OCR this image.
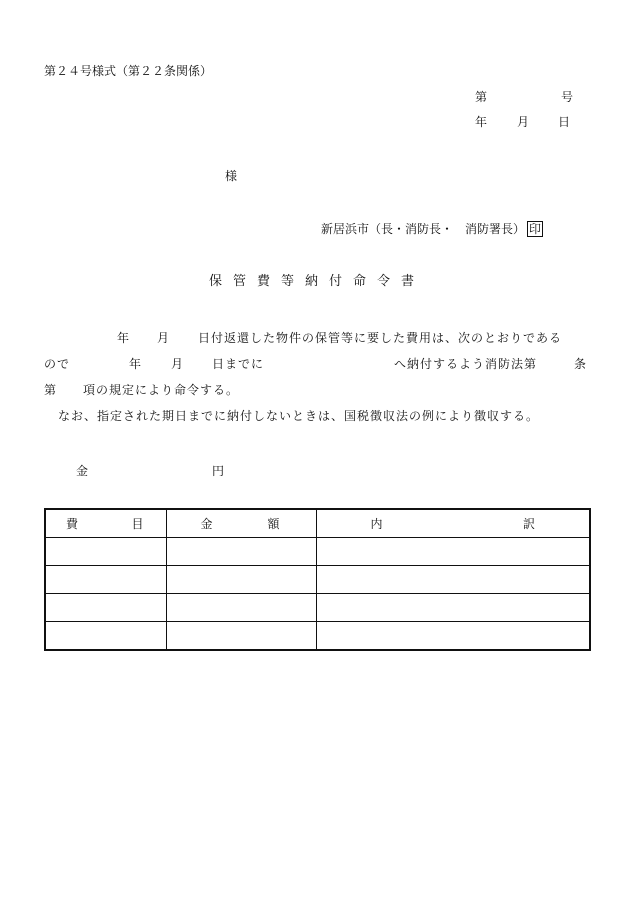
第２４号様式（第２２条関係）
第	号
年 月 日
様
新居浜市（長・消防長・　消防署長） 印
保管費等納付命令書
年 月 日付返還した物件の保管等に要した費用は、次のとおりである
ので	年 月 日までに	へ納付するよう消防法第	条
第 項の規定により命令する。
なお、指定された期日までに納付しないときは、国税徴収法の例により徴収する。
金	円
費 目	金 額	内 訳
